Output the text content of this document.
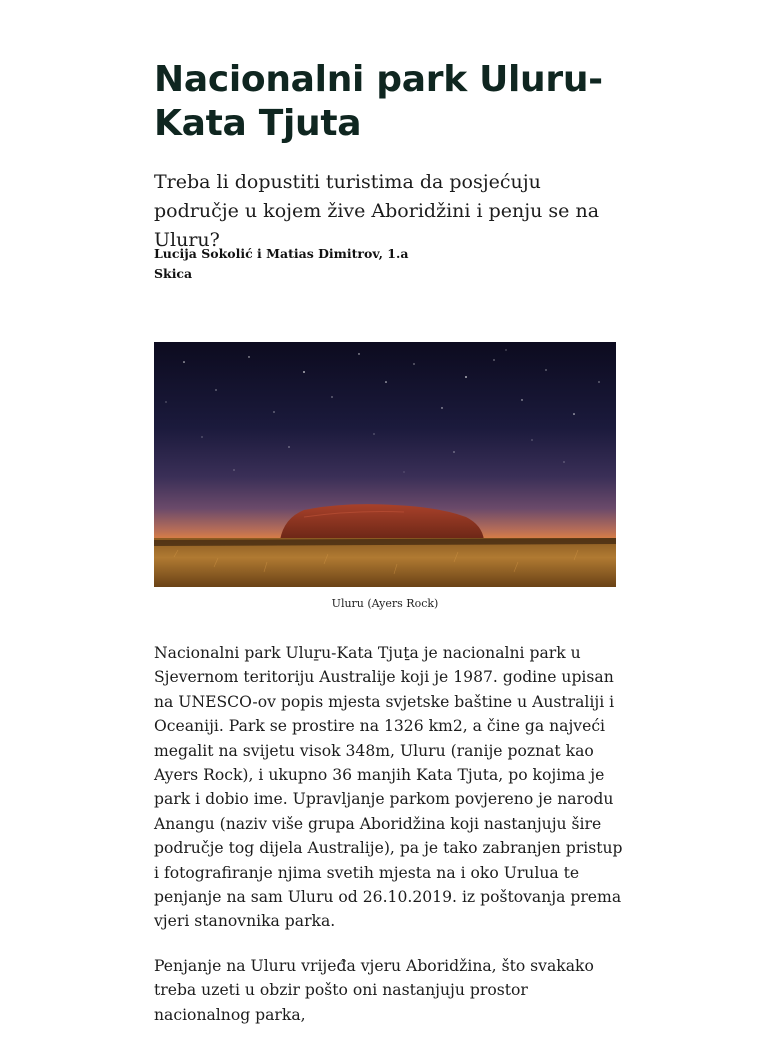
Nacionalni park Uluru-Kata Tjuta

Treba li dopustiti turistima da posjećuju područje u kojem žive Aboridžini i penju se na Uluru?

Lucija Sokolić i Matias Dimitrov, 1.a
Skica
Uluru (Ayers Rock)

Nacionalni park Uluṟu-Kata Tjuṯa je nacionalni park u Sjevernom teritoriju Australije koji je 1987. godine upisan na UNESCO-ov popis mjesta svjetske baštine u Australiji i Oceaniji. Park se prostire na 1326 km2, a čine ga najveći megalit na svijetu visok 348m, Uluru (ranije poznat kao Ayers Rock), i ukupno 36 manjih Kata Tjuta, po kojima je park i dobio ime. Upravljanje parkom povjereno je narodu Anangu (naziv više grupa Aboridžina koji nastanjuju šire područje tog dijela Australije), pa je tako zabranjen pristup i fotografiranje njima svetih mjesta na i oko Urulua te penjanje na sam Uluru od 26.10.2019. iz poštovanja prema vjeri stanovnika parka.

Penjanje na Uluru vrijeđa vjeru Aboridžina, što svakako treba uzeti u obzir pošto oni nastanjuju prostor nacionalnog parka,
